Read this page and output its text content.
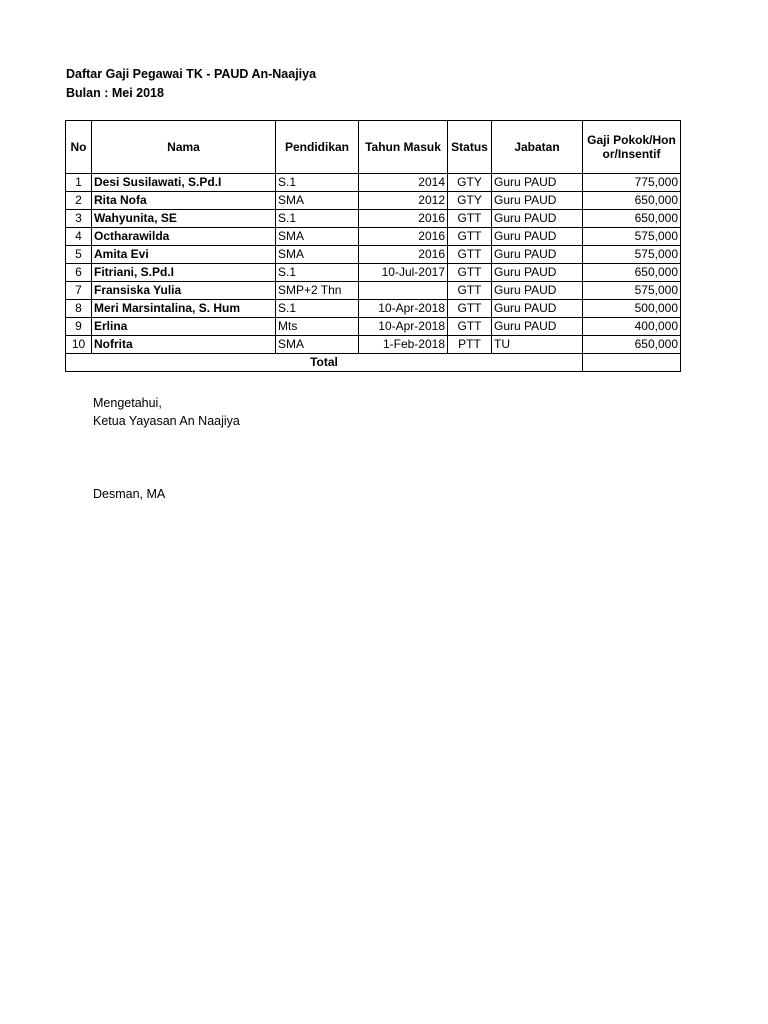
Daftar Gaji Pegawai TK - PAUD An-Naajiya
Bulan : Mei 2018
No	Nama	Pendidikan	Tahun Masuk	Status	Jabatan	Gaji Pokok/Honor/Insentif
1	Desi Susilawati, S.Pd.I	S.1	2014	GTY	Guru PAUD	775,000
2	Rita Nofa	SMA	2012	GTY	Guru PAUD	650,000
3	Wahyunita, SE	S.1	2016	GTT	Guru PAUD	650,000
4	Octharawilda	SMA	2016	GTT	Guru PAUD	575,000
5	Amita Evi	SMA	2016	GTT	Guru PAUD	575,000
6	Fitriani, S.Pd.I	S.1	10-Jul-2017	GTT	Guru PAUD	650,000
7	Fransiska Yulia	SMP+2 Thn		GTT	Guru PAUD	575,000
8	Meri Marsintalina, S. Hum	S.1	10-Apr-2018	GTT	Guru PAUD	500,000
9	Erlina	Mts	10-Apr-2018	GTT	Guru PAUD	400,000
10	Nofrita	SMA	1-Feb-2018	PTT	TU	650,000
Total						
Mengetahui,
Ketua Yayasan An Naajiya
Desman, MA
